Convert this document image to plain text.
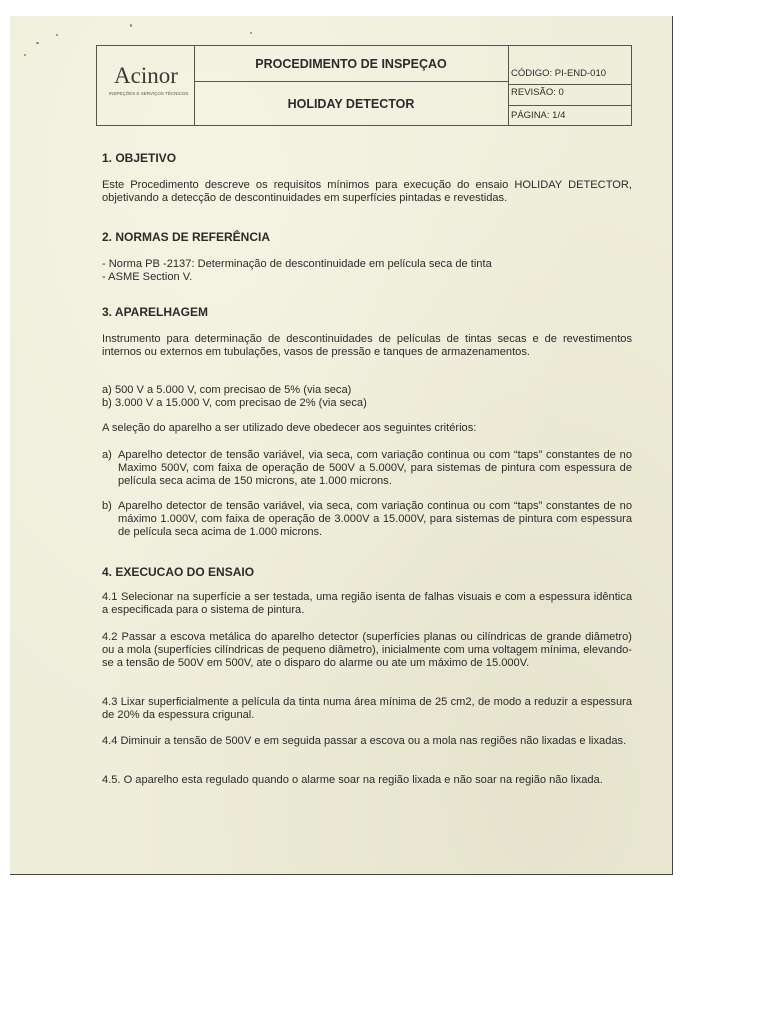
Acinor
INSPEÇÕES E SERVIÇOS TÉCNICOS
PROCEDIMENTO DE INSPEÇAO
HOLIDAY DETECTOR
CÓDIGO: PI-END-010
REVISÃO: 0
PÁGINA: 1/4
1. OBJETIVO
Este Procedimento descreve os requisitos mínimos para execução do ensaio HOLIDAY DETECTOR, objetivando a detecção de descontinuidades em superfícies pintadas e revestidas.
2. NORMAS DE REFERÊNCIA
- Norma PB -2137: Determinação de descontinuidade em película seca de tinta
- ASME Section V.
3. APARELHAGEM
Instrumento para determinação de descontinuidades de películas de tintas secas e de revestimentos internos ou externos em tubulações, vasos de pressão e tanques de armazenamentos.
a) 500 V a 5.000 V, com precisao de 5% (via seca)
b) 3.000 V a 15.000 V, com precisao de 2% (via seca)
A seleção do aparelho a ser utilizado deve obedecer aos seguintes critérios:
a) Aparelho detector de tensão variável, via seca, com variação continua ou com “taps” constantes de no Maximo 500V, com faixa de operação de 500V a 5.000V, para sistemas de pintura com espessura de película seca acima de 150 microns, ate 1.000 microns.
b) Aparelho detector de tensão variável, via seca, com variação continua ou com “taps” constantes de no máximo 1.000V, com faixa de operação de 3.000V a 15.000V, para sistemas de pintura com espessura de película seca acima de 1.000 microns.
4. EXECUCAO DO ENSAIO
4.1 Selecionar na superfície a ser testada, uma região isenta de falhas visuais e com a espessura idêntica a especificada para o sistema de pintura.
4.2 Passar a escova metálica do aparelho detector (superfícies planas ou cilíndricas de grande diâmetro) ou a mola (superfícies cilíndricas de pequeno diâmetro), inicialmente com uma voltagem mínima, elevando-se a tensão de 500V em 500V, ate o disparo do alarme ou ate um máximo de 15.000V.
4.3 Lixar superficialmente a película da tinta numa área mínima de 25 cm2, de modo a reduzir a espessura de 20% da espessura crigunal.
4.4 Diminuir a tensão de 500V e em seguida passar a escova ou a mola nas regiões não lixadas e lixadas.
4.5. O aparelho esta regulado quando o alarme soar na região lixada e não soar na região não lixada.
